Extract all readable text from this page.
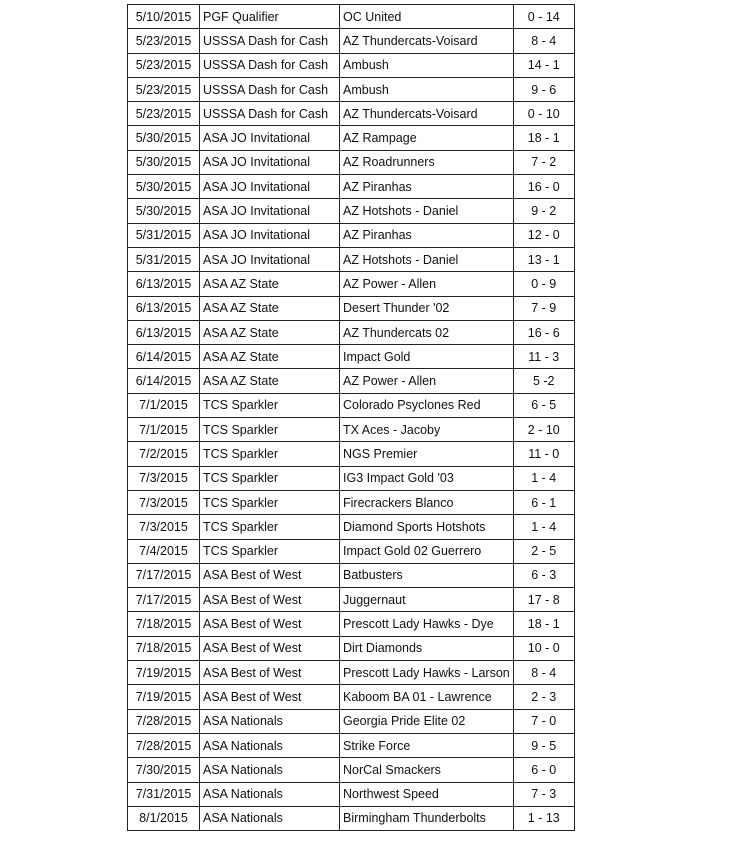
5/10/2015	PGF Qualifier	OC United	0 - 14
5/23/2015	USSSA Dash for Cash	AZ Thundercats-Voisard	8 - 4
5/23/2015	USSSA Dash for Cash	Ambush	14 - 1
5/23/2015	USSSA Dash for Cash	Ambush	9 - 6
5/23/2015	USSSA Dash for Cash	AZ Thundercats-Voisard	0 - 10
5/30/2015	ASA JO Invitational	AZ Rampage	18 - 1
5/30/2015	ASA JO Invitational	AZ Roadrunners	7 - 2
5/30/2015	ASA JO Invitational	AZ Piranhas	16 - 0
5/30/2015	ASA JO Invitational	AZ Hotshots - Daniel	9 - 2
5/31/2015	ASA JO Invitational	AZ Piranhas	12 - 0
5/31/2015	ASA JO Invitational	AZ Hotshots - Daniel	13 - 1
6/13/2015	ASA AZ State	AZ Power - Allen	0 - 9
6/13/2015	ASA AZ State	Desert Thunder '02	7 - 9
6/13/2015	ASA AZ State	AZ Thundercats 02	16 - 6
6/14/2015	ASA AZ State	Impact Gold	11 - 3
6/14/2015	ASA AZ State	AZ Power - Allen	5 -2
7/1/2015	TCS Sparkler	Colorado Psyclones Red	6 - 5
7/1/2015	TCS Sparkler	TX Aces - Jacoby	2 - 10
7/2/2015	TCS Sparkler	NGS Premier	11 - 0
7/3/2015	TCS Sparkler	IG3 Impact Gold '03	1 - 4
7/3/2015	TCS Sparkler	Firecrackers Blanco	6 - 1
7/3/2015	TCS Sparkler	Diamond Sports Hotshots	1 - 4
7/4/2015	TCS Sparkler	Impact Gold 02 Guerrero	2 - 5
7/17/2015	ASA Best of West	Batbusters	6 - 3
7/17/2015	ASA Best of West	Juggernaut	17 - 8
7/18/2015	ASA Best of West	Prescott Lady Hawks - Dye	18 - 1
7/18/2015	ASA Best of West	Dirt Diamonds	10 - 0
7/19/2015	ASA Best of West	Prescott Lady Hawks - Larson	8 - 4
7/19/2015	ASA Best of West	Kaboom BA 01 - Lawrence	2 - 3
7/28/2015	ASA Nationals	Georgia Pride Elite 02	7 - 0
7/28/2015	ASA Nationals	Strike Force	9 - 5
7/30/2015	ASA Nationals	NorCal Smackers	6 - 0
7/31/2015	ASA Nationals	Northwest Speed	7 - 3
8/1/2015	ASA Nationals	Birmingham Thunderbolts	1 - 13
